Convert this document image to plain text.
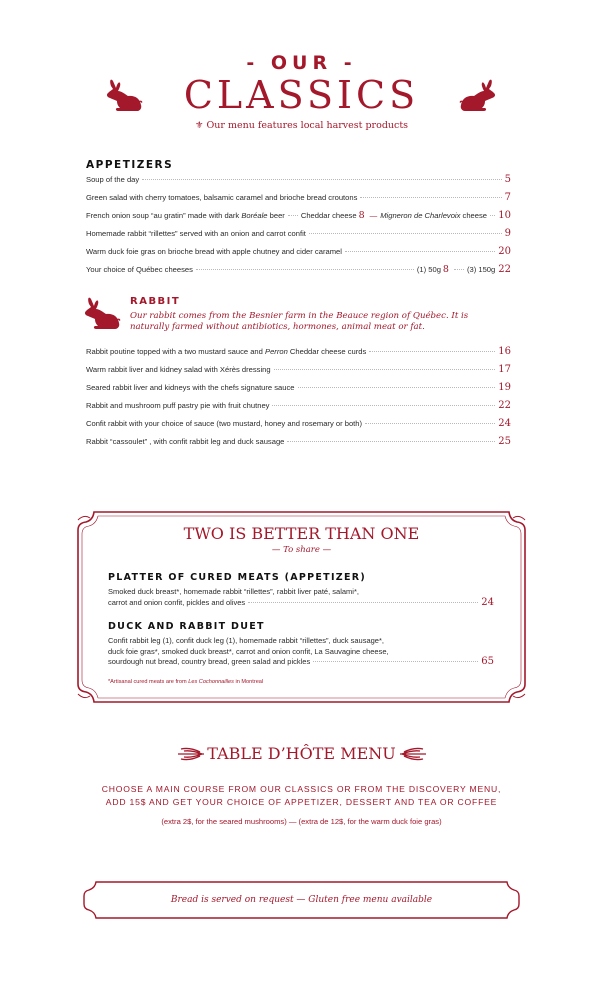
- OUR -
CLASSICS
⚜ Our menu features local harvest products
APPETIZERS
Soup of the day	5
Green salad with cherry tomatoes, balsamic caramel and brioche bread croutons	7
French onion soup “au gratin” made with dark Boréale beer Cheddar cheese 8 — Migneron de Charlevoix cheese 10
Homemade rabbit “rillettes” served with an onion and carrot confit	9
Warm duck foie gras on brioche bread with apple chutney and cider caramel	20
Your choice of Québec cheeses	(1) 50g 8 (3) 150g 22
RABBIT
Our rabbit comes from the Besnier farm in the Beauce region of Québec. It is naturally farmed without antibiotics, hormones, animal meat or fat.
Rabbit poutine topped with a two mustard sauce and Perron Cheddar cheese curds	16
Warm rabbit liver and kidney salad with Xérès dressing	17
Seared rabbit liver and kidneys with the chefs signature sauce	19
Rabbit and mushroom puff pastry pie with fruit chutney	22
Confit rabbit with your choice of sauce (two mustard, honey and rosemary or both)	24
Rabbit “cassoulet” , with confit rabbit leg and duck sausage	25
TWO IS BETTER THAN ONE
— To share —
PLATTER OF CURED MEATS (APPETIZER)
Smoked duck breast*, homemade rabbit “rillettes”, rabbit liver paté, salami*,
carrot and onion confit, pickles and olives	24
DUCK AND RABBIT DUET
Confit rabbit leg (1), confit duck leg (1), homemade rabbit “rillettes”, duck sausage*,
duck foie gras*, smoked duck breast*, carrot and onion confit, La Sauvagine cheese,
sourdough nut bread, country bread, green salad and pickles	65
*Artisanal cured meats are from Les Cochonnailles in Montreal
TABLE D’HÔTE MENU
CHOOSE A MAIN COURSE FROM OUR CLASSICS OR FROM THE DISCOVERY MENU,
ADD 15$ AND GET YOUR CHOICE OF APPETIZER, DESSERT AND TEA OR COFFEE
(extra 2$, for the seared mushrooms) — (extra de 12$, for the warm duck foie gras)
Bread is served on request — Gluten free menu available
